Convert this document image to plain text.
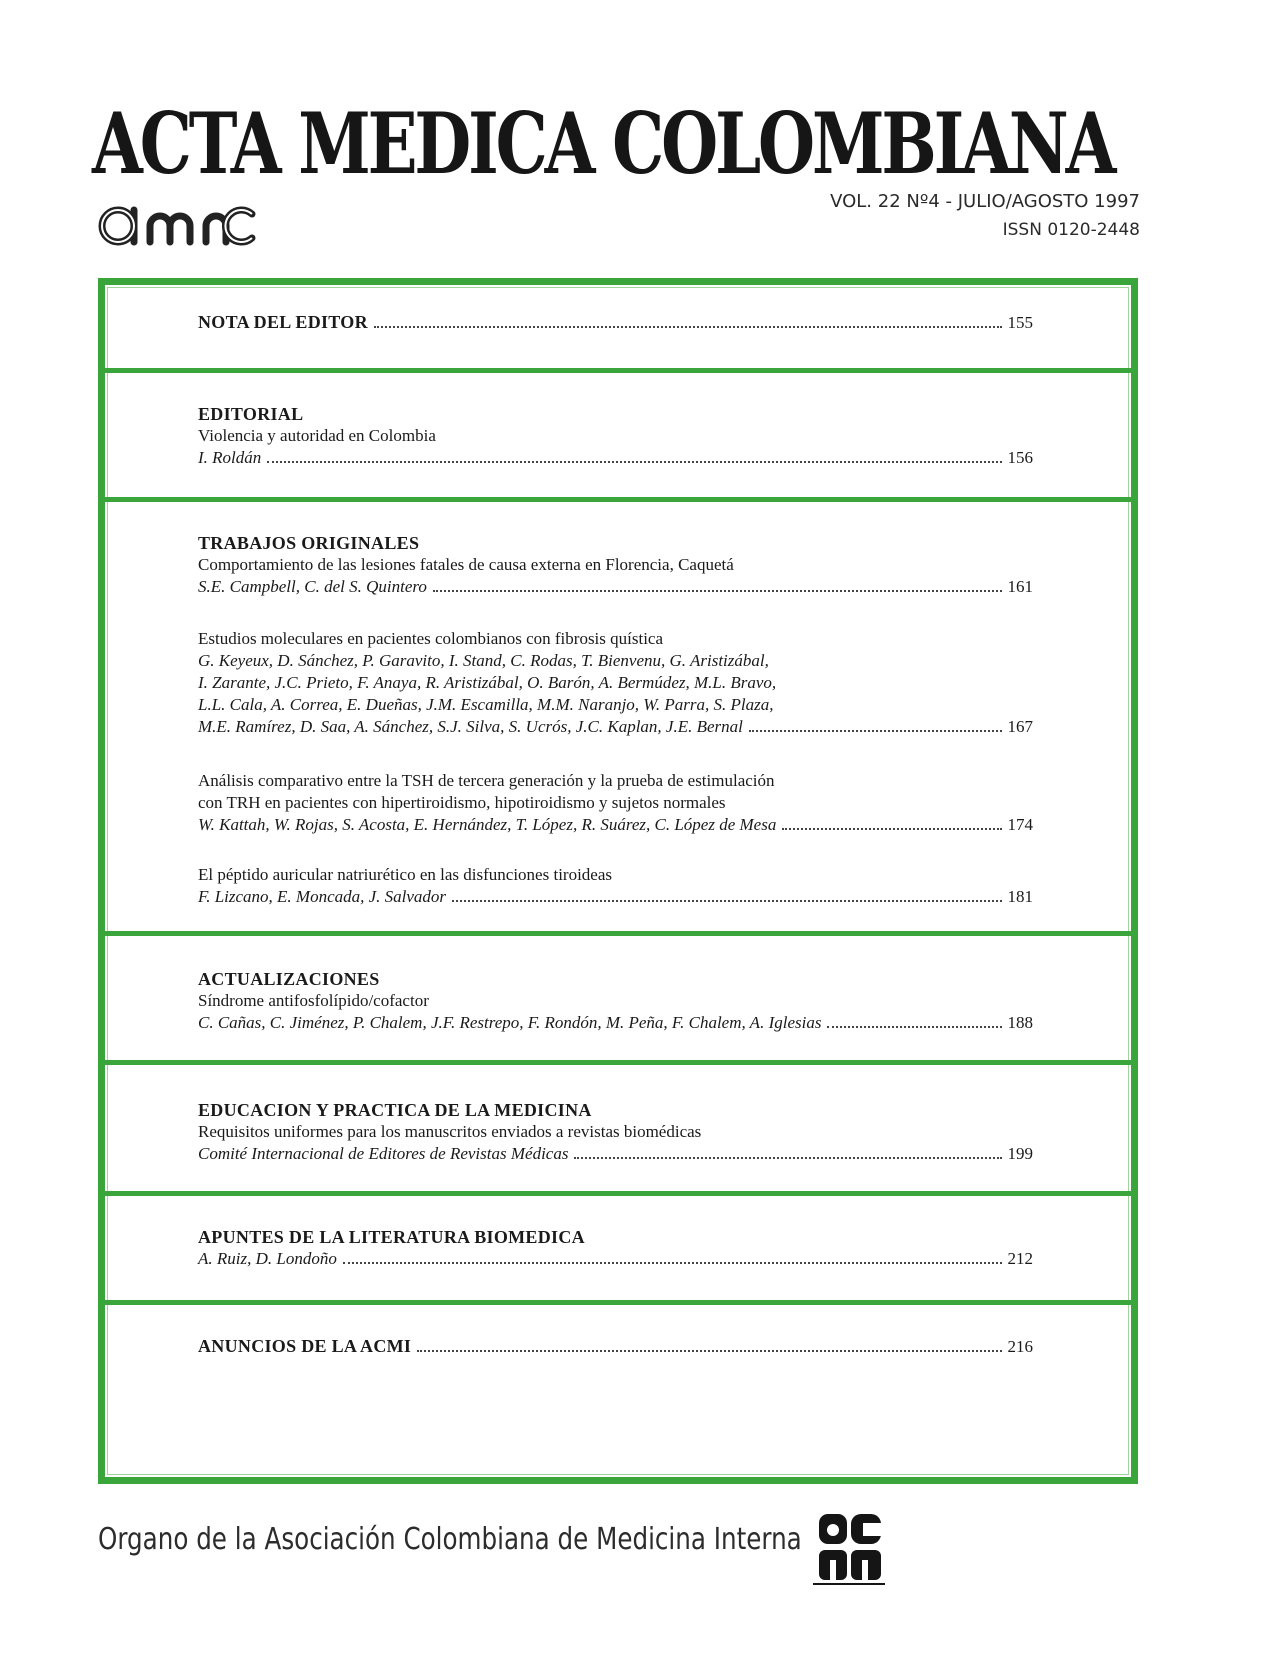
ACTA MEDICA COLOMBIANA
VOL. 22 Nº4 - JULIO/AGOSTO 1997
ISSN 0120-2448
NOTA DEL EDITOR	155
EDITORIAL
Violencia y autoridad en Colombia
I. Roldán	156
TRABAJOS ORIGINALES
Comportamiento de las lesiones fatales de causa externa en Florencia, Caquetá
S.E. Campbell, C. del S. Quintero	161
Estudios moleculares en pacientes colombianos con fibrosis quística
G. Keyeux, D. Sánchez, P. Garavito, I. Stand, C. Rodas, T. Bienvenu, G. Aristizábal,
I. Zarante, J.C. Prieto, F. Anaya, R. Aristizábal, O. Barón, A. Bermúdez, M.L. Bravo,
L.L. Cala, A. Correa, E. Dueñas, J.M. Escamilla, M.M. Naranjo, W. Parra, S. Plaza,
M.E. Ramírez, D. Saa, A. Sánchez, S.J. Silva, S. Ucrós, J.C. Kaplan, J.E. Bernal	167
Análisis comparativo entre la TSH de tercera generación y la prueba de estimulación
con TRH en pacientes con hipertiroidismo, hipotiroidismo y sujetos normales
W. Kattah, W. Rojas, S. Acosta, E. Hernández, T. López, R. Suárez, C. López de Mesa	174
El péptido auricular natriurético en las disfunciones tiroideas
F. Lizcano, E. Moncada, J. Salvador	181
ACTUALIZACIONES
Síndrome antifosfolípido/cofactor
C. Cañas, C. Jiménez, P. Chalem, J.F. Restrepo, F. Rondón, M. Peña, F. Chalem, A. Iglesias	188
EDUCACION Y PRACTICA DE LA MEDICINA
Requisitos uniformes para los manuscritos enviados a revistas biomédicas
Comité Internacional de Editores de Revistas Médicas	199
APUNTES DE LA LITERATURA BIOMEDICA
A. Ruiz, D. Londoño	212
ANUNCIOS DE LA ACMI	216
Organo de la Asociación Colombiana de Medicina Interna
